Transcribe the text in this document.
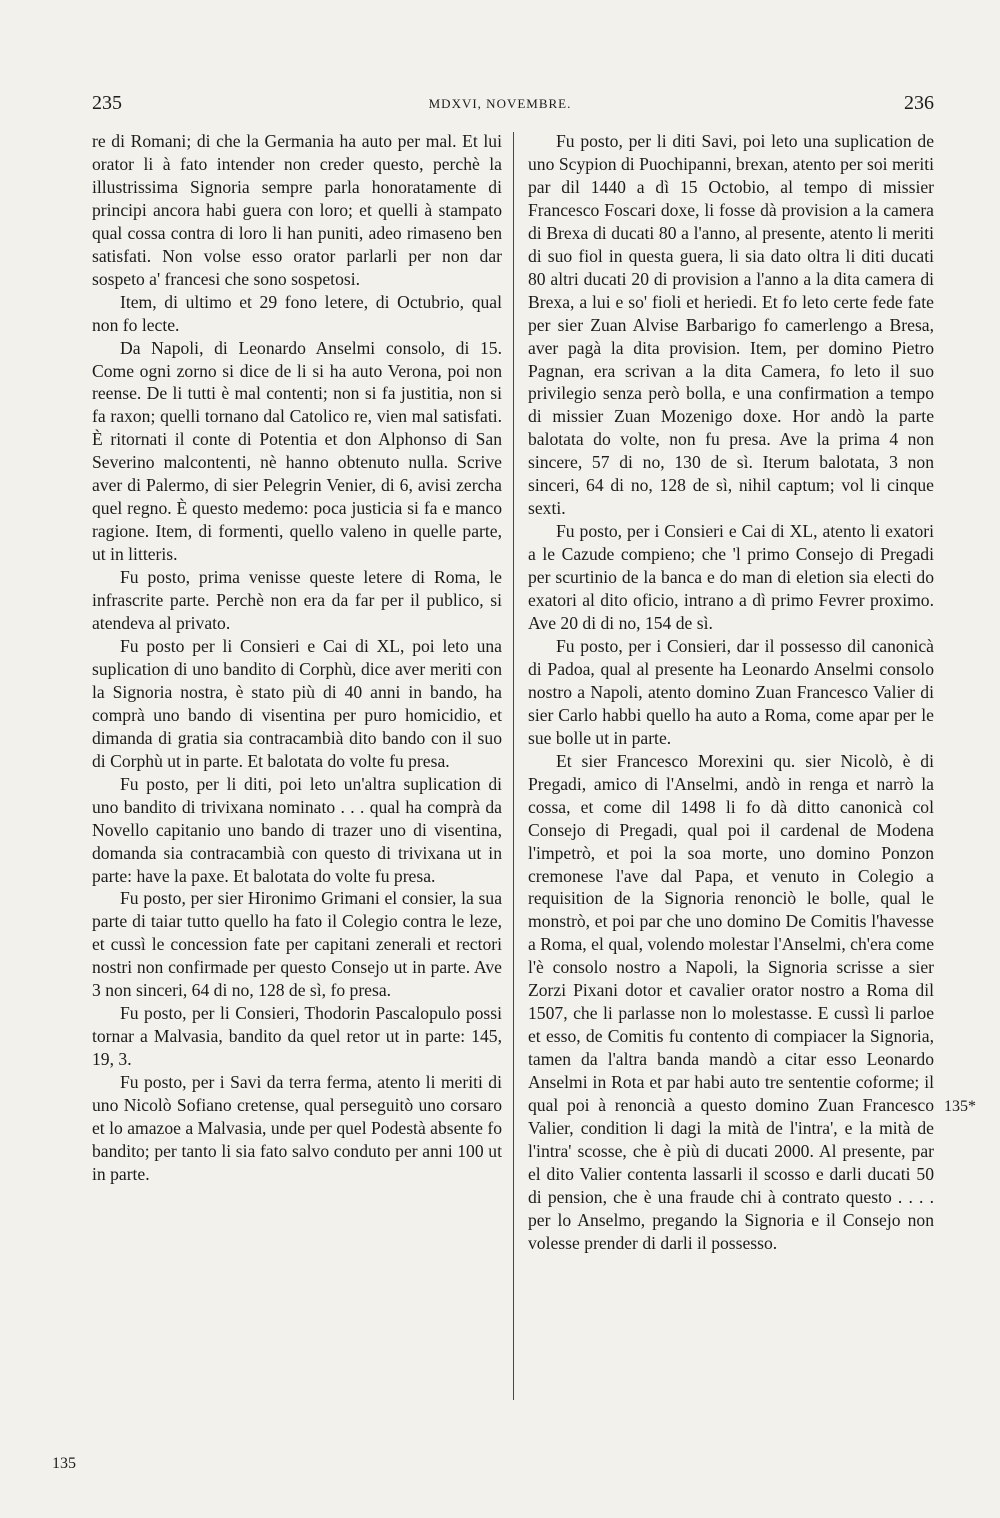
235	MDXVI, NOVEMBRE.	236

re di Romani; di che la Germania ha auto per mal. Et lui orator li à fato intender non creder questo, perchè la illustrissima Signoria sempre parla honoratamente di principi ancora habi guera con loro; et quelli à stampato qual cossa contra di loro li han puniti, adeo rimaseno ben satisfati. Non volse esso orator parlarli per non dar sospeto a' francesi che sono sospetosi.

Item, di ultimo et 29 fono letere, di Octubrio, qual non fo lecte.

Da Napoli, di Leonardo Anselmi consolo, di 15. Come ogni zorno si dice de li si ha auto Verona, poi non reense. De li tutti è mal contenti; non si fa justitia, non si fa raxon; quelli tornano dal Catolico re, vien mal satisfati. È ritornati il conte di Potentia et don Alphonso di San Severino malcontenti, nè hanno obtenuto nulla. Scrive aver di Palermo, di sier Pelegrin Venier, di 6, avisi zercha quel regno. È questo medemo: poca justicia si fa e manco ragione. Item, di formenti, quello valeno in quelle parte, ut in litteris.

Fu posto, prima venisse queste letere di Roma, le infrascrite parte. Perchè non era da far per il publico, si atendeva al privato.

Fu posto per li Consieri e Cai di XL, poi leto una suplication di uno bandito di Corphù, dice aver meriti con la Signoria nostra, è stato più di 40 anni in bando, ha comprà uno bando di visentina per puro homicidio, et dimanda di gratia sia contracambià dito bando con il suo di Corphù ut in parte. Et balotata do volte fu presa.

Fu posto, per li diti, poi leto un'altra suplication di uno bandito di trivixana nominato . . . qual ha comprà da Novello capitanio uno bando di trazer uno di visentina, domanda sia contracambià con questo di trivixana ut in parte: have la paxe. Et balotata do volte fu presa.

Fu posto, per sier Hironimo Grimani el consier, la sua parte di taiar tutto quello ha fato il Colegio contra le leze, et cussì le concession fate per capitani zenerali et rectori nostri non confirmade per questo Consejo ut in parte. Ave 3 non sinceri, 64 di no, 128 de sì, fo presa.

Fu posto, per li Consieri, Thodorin Pascalopulo possi tornar a Malvasia, bandito da quel retor ut in parte: 145, 19, 3.

Fu posto, per i Savi da terra ferma, atento li meriti di uno Nicolò Sofiano cretense, qual perseguitò uno corsaro et lo amazoe a Malvasia, unde per quel Podestà absente fo bandito; per tanto li sia fato salvo conduto per anni 100 ut in parte.

Fu posto, per li diti Savi, poi leto una suplication de uno Scypion di Puochipanni, brexan, atento per soi meriti par dil 1440 a dì 15 Octobio, al tempo di missier Francesco Foscari doxe, li fosse dà provision a la camera di Brexa di ducati 80 a l'anno, al presente, atento li meriti di suo fiol in questa guera, li sia dato oltra li diti ducati 80 altri ducati 20 di provision a l'anno a la dita camera di Brexa, a lui e so' fioli et heriedi. Et fo leto certe fede fate per sier Zuan Alvise Barbarigo fo camerlengo a Bresa, aver pagà la dita provision. Item, per domino Pietro Pagnan, era scrivan a la dita Camera, fo leto il suo privilegio senza però bolla, e una confirmation a tempo di missier Zuan Mozenigo doxe. Hor andò la parte balotata do volte, non fu presa. Ave la prima 4 non sincere, 57 di no, 130 de sì. Iterum balotata, 3 non sinceri, 64 di no, 128 de sì, nihil captum; vol li cinque sexti.

Fu posto, per i Consieri e Cai di XL, atento li exatori a le Cazude compieno; che 'l primo Consejo di Pregadi per scurtinio de la banca e do man di eletion sia electi do exatori al dito oficio, intrano a dì primo Fevrer proximo. Ave 20 di di no, 154 de sì.

Fu posto, per i Consieri, dar il possesso dil canonicà di Padoa, qual al presente ha Leonardo Anselmi consolo nostro a Napoli, atento domino Zuan Francesco Valier di sier Carlo habbi quello ha auto a Roma, come apar per le sue bolle ut in parte.

Et sier Francesco Morexini qu. sier Nicolò, è di Pregadi, amico di l'Anselmi, andò in renga et narrò la cossa, et come dil 1498 li fo dà ditto canonicà col Consejo di Pregadi, qual poi il cardenal de Modena l'impetrò, et poi la soa morte, uno domino Ponzon cremonese l'ave dal Papa, et venuto in Colegio a requisition de la Signoria renonciò le bolle, qual le monstrò, et poi par che uno domino De Comitis l'havesse a Roma, el qual, volendo molestar l'Anselmi, ch'era come l'è consolo nostro a Napoli, la Signoria scrisse a sier Zorzi Pixani dotor et cavalier orator nostro a Roma dil 1507, che li parlasse non lo molestasse. E cussì li parloe et esso, de Comitis fu contento di compiacer la Signoria, tamen da l'altra banda mandò a citar esso Leonardo Anselmi in Rota et par habi auto tre sententie coforme; il qual poi à renoncià a questo domino Zuan Francesco Valier, condition li dagi la mità de l'intra', e la mità de l'intra' scosse, che è più di ducati 2000. Al presente, par el dito Valier contenta lassarli il scosso e darli ducati 50 di pension, che è una fraude chi à contrato questo . . . . per lo Anselmo, pregando la Signoria e il Consejo non volesse prender di darli il possesso.

135
135*
